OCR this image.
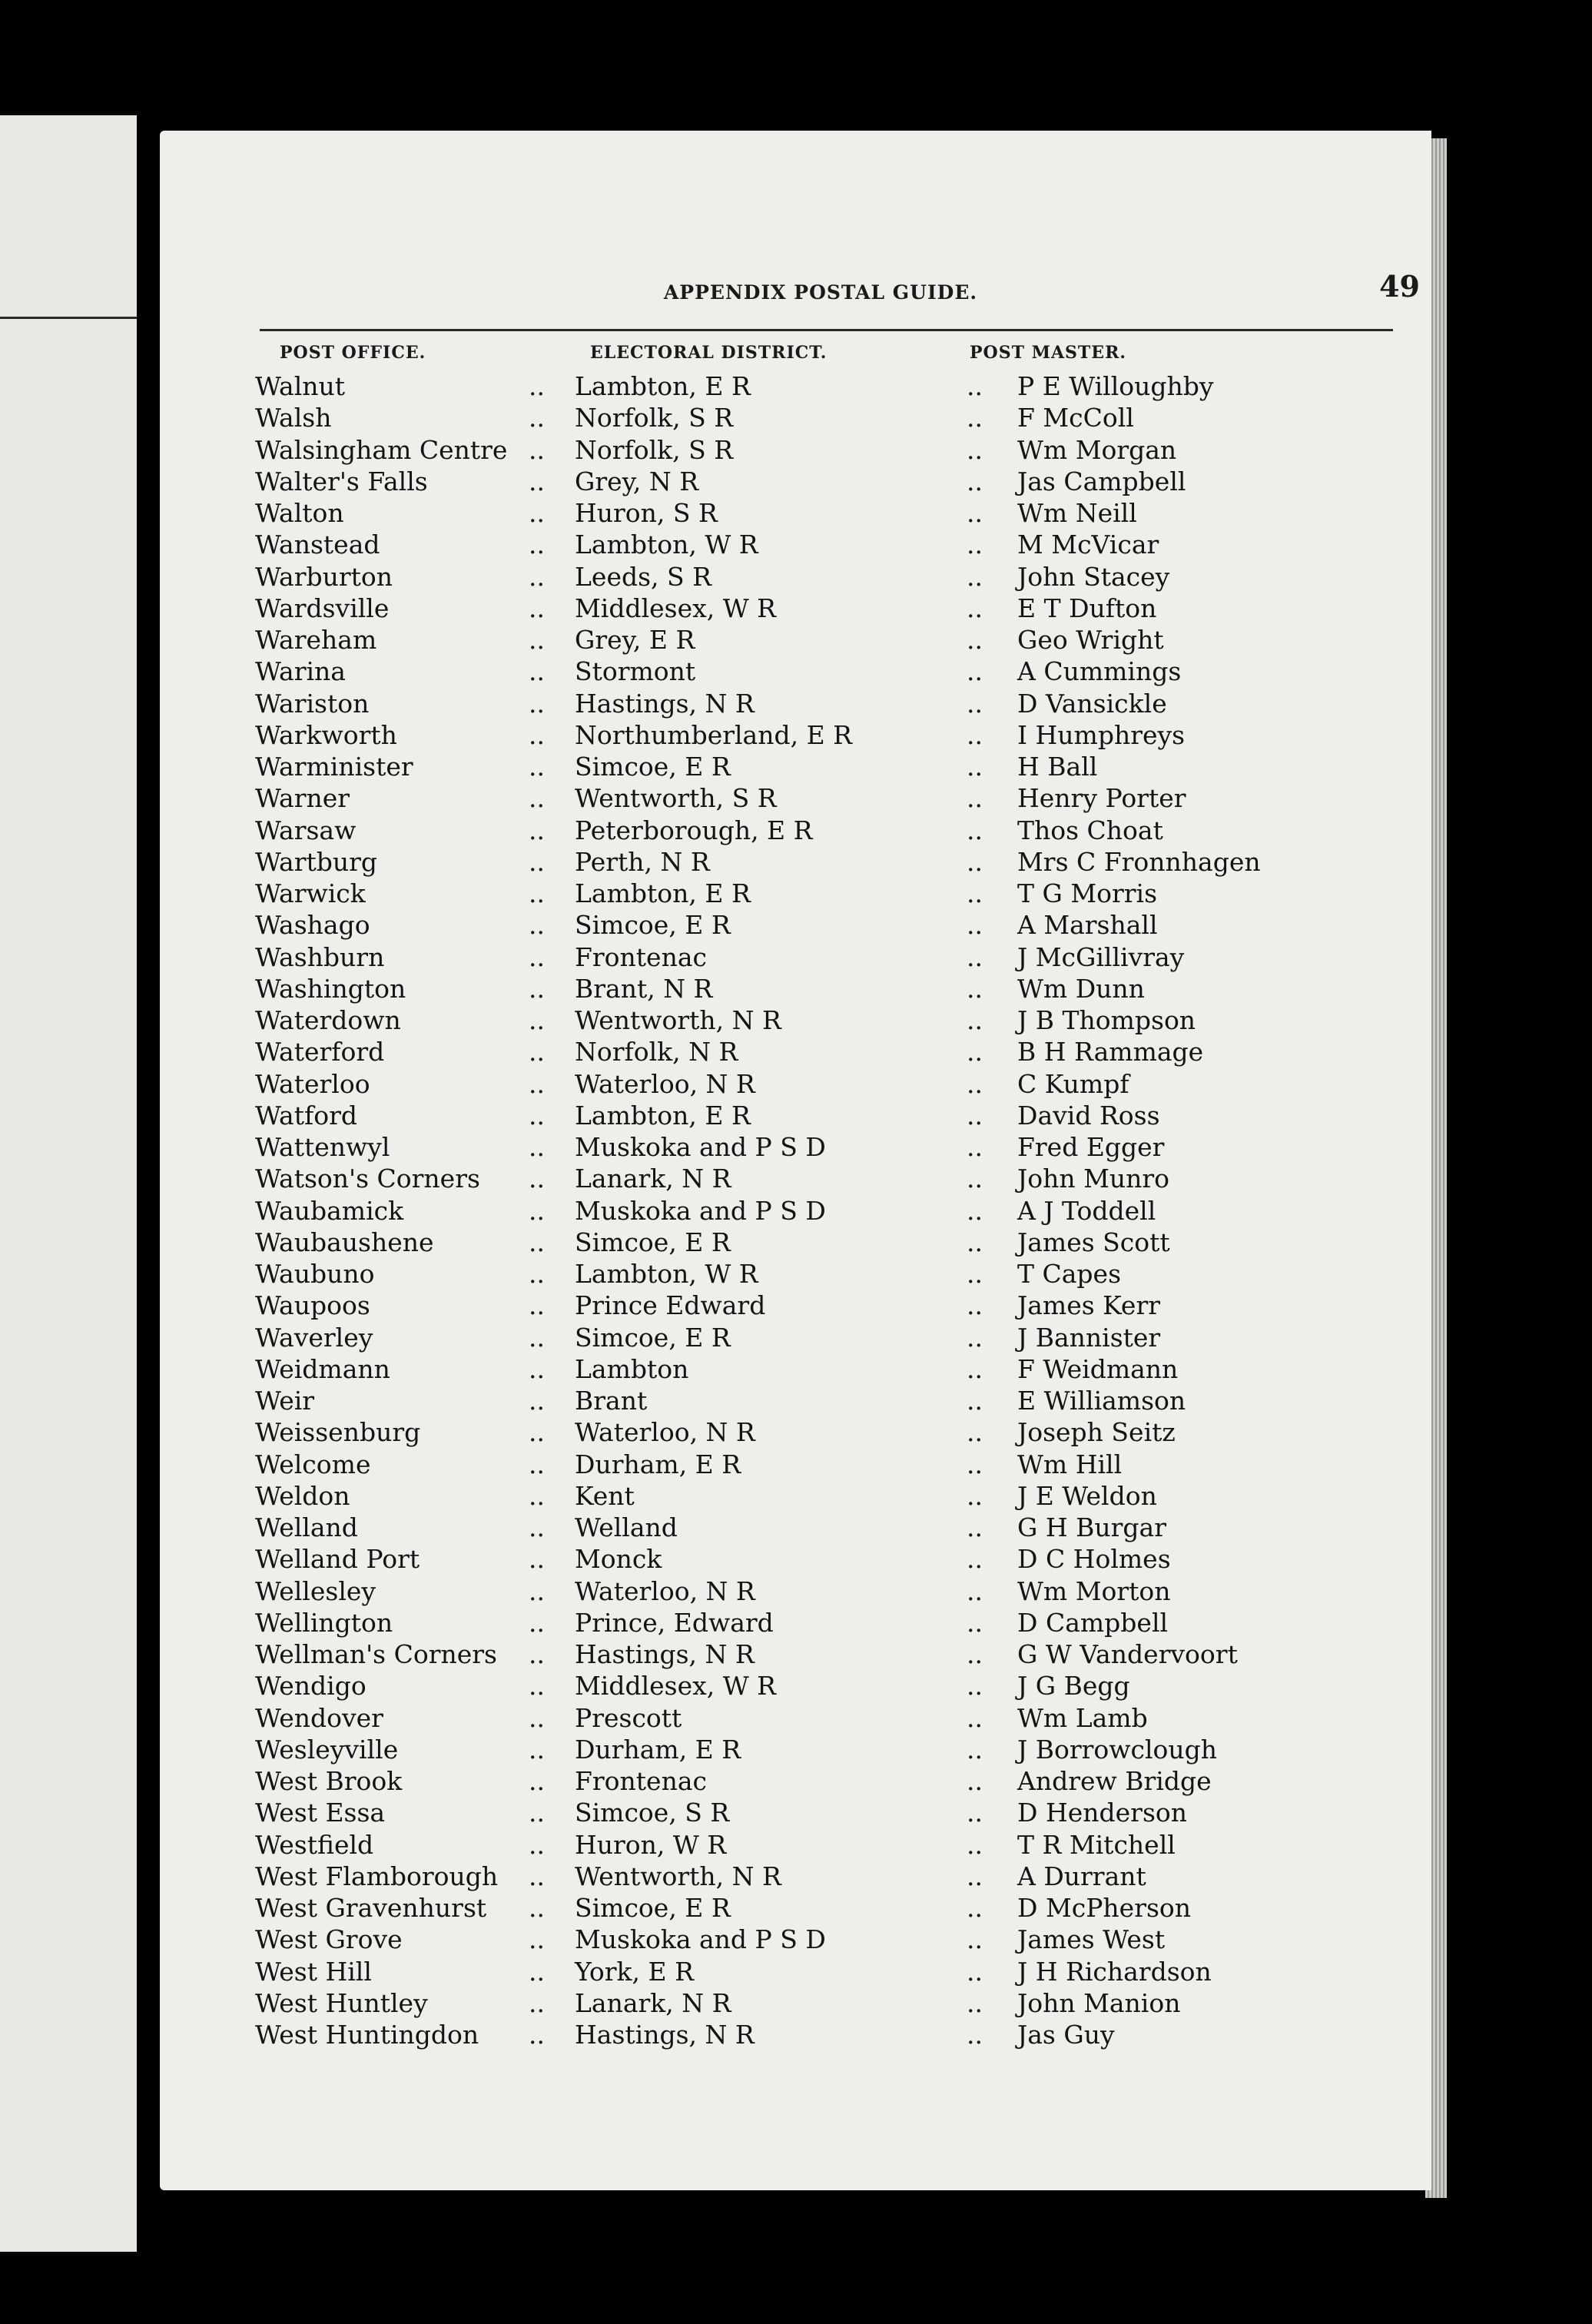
APPENDIX POSTAL GUIDE.	49
POST OFFICE.	ELECTORAL DISTRICT.	POST MASTER.
Walnut	.. Lambton, E R	.. P E Willoughby
Walsh	.. Norfolk, S R	.. F McColl
Walsingham Centre .. Norfolk, S R	.. Wm Morgan
Walter's Falls	.. Grey, N R	.. Jas Campbell
Walton	.. Huron, S R	.. Wm Neill
Wanstead	.. Lambton, W R	.. M McVicar
Warburton	.. Leeds, S R	.. John Stacey
Wardsville	.. Middlesex, W R	.. E T Dufton
Wareham	.. Grey, E R	.. Geo Wright
Warina	.. Stormont	.. A Cummings
Wariston	.. Hastings, N R	.. D Vansickle
Warkworth	.. Northumberland, E R	.. I Humphreys
Warminister	.. Simcoe, E R	.. H Ball
Warner	.. Wentworth, S R	.. Henry Porter
Warsaw	.. Peterborough, E R	.. Thos Choat
Wartburg	.. Perth, N R	.. Mrs C Fronnhagen
Warwick	.. Lambton, E R	.. T G Morris
Washago	.. Simcoe, E R	.. A Marshall
Washburn	.. Frontenac	.. J McGillivray
Washington	.. Brant, N R	.. Wm Dunn
Waterdown	.. Wentworth, N R	.. J B Thompson
Waterford	.. Norfolk, N R	.. B H Rammage
Waterloo	.. Waterloo, N R	.. C Kumpf
Watford	.. Lambton, E R	.. David Ross
Wattenwyl	.. Muskoka and P S D	.. Fred Egger
Watson's Corners .. Lanark, N R	.. John Munro
Waubamick	.. Muskoka and P S D	.. A J Toddell
Waubaushene	.. Simcoe, E R	.. James Scott
Waubuno	.. Lambton, W R	.. T Capes
Waupoos	.. Prince Edward	.. James Kerr
Waverley	.. Simcoe, E R	.. J Bannister
Weidmann	.. Lambton	.. F Weidmann
Weir	.. Brant	.. E Williamson
Weissenburg	.. Waterloo, N R	.. Joseph Seitz
Welcome	.. Durham, E R	.. Wm Hill
Weldon	.. Kent	.. J E Weldon
Welland	.. Welland	.. G H Burgar
Welland Port	.. Monck	.. D C Holmes
Wellesley	.. Waterloo, N R	.. Wm Morton
Wellington	.. Prince, Edward	.. D Campbell
Wellman's Corners .. Hastings, N R	.. G W Vandervoort
Wendigo	.. Middlesex, W R	.. J G Begg
Wendover	.. Prescott	.. Wm Lamb
Wesleyville	.. Durham, E R	.. J Borrowclough
West Brook	.. Frontenac	.. Andrew Bridge
West Essa	.. Simcoe, S R	.. D Henderson
Westfield	.. Huron, W R	.. T R Mitchell
West Flamborough .. Wentworth, N R	.. A Durrant
West Gravenhurst .. Simcoe, E R	.. D McPherson
West Grove	.. Muskoka and P S D	.. James West
West Hill	.. York, E R	.. J H Richardson
West Huntley	.. Lanark, N R	.. John Manion
West Huntingdon .. Hastings, N R	.. Jas Guy
